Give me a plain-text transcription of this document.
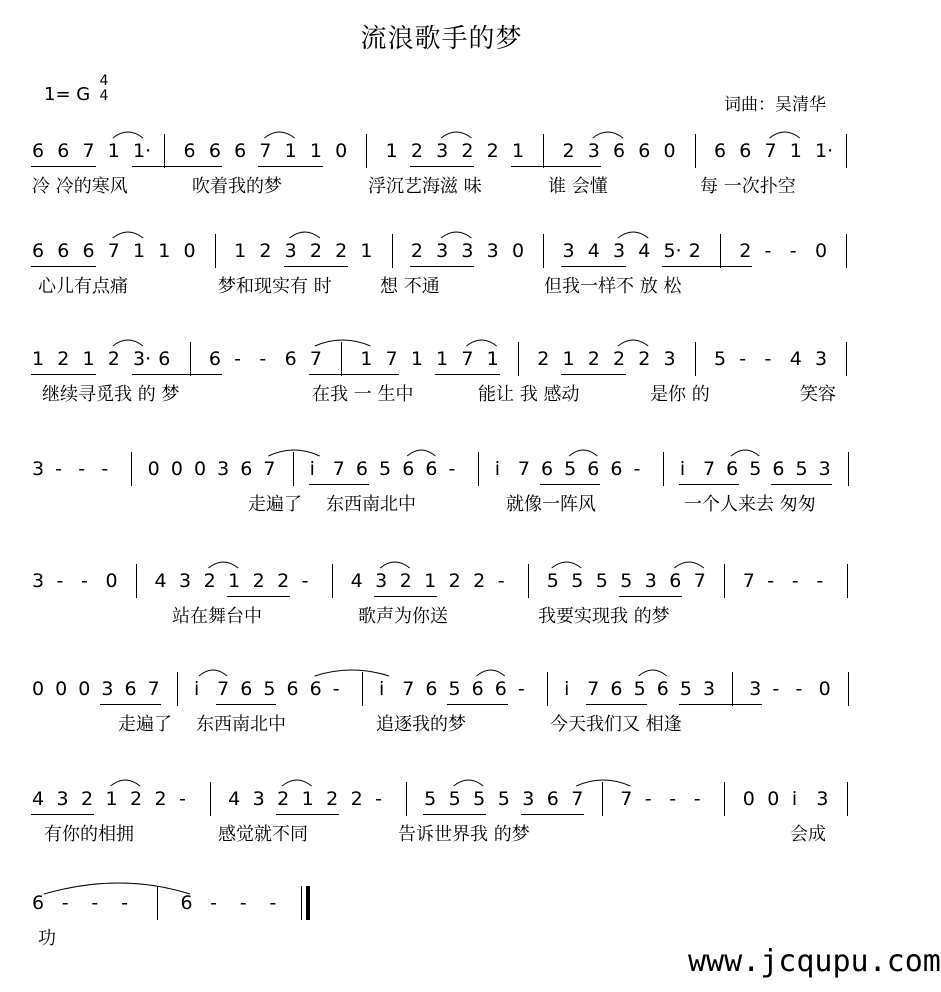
流浪歌手的梦
1= G
4
4	词曲：吴清华
6 6 7 1 1· 6 6 6 7 1 1 0 1 2 3 2 2 1 2 3 6 6 0 6 6 7 1 1·
冷 冷的寒风	吹着我的梦	浮沉艺海滋 味	谁 会懂	每 一次扑空
6 6 6 7 1 1 0 1 2 3 2 2 1 2 3 3 3 0 3 4 3 4 5· 2 2 - - 0
心儿有点痛	梦和现实有 时	想 不通	但我一样不 放 松
1 2 1 2 3· 6 6 - - 6 7 1 7 1 1 7 1 2 1 2 2 2 3 5 - - 4 3
继续寻觅我 的 梦	在我 一 生中	能让 我 感动	是你 的	笑容
3 - - - 0 0 0 3 6 7 i 7 6 5 6 6 - i 7 6 5 6 6 - i 7 6 5 6 5 3
走遍了 东西南北中	就像一阵风	一个人来去 匆匆
3 - - 0 4 3 2 1 2 2 - 4 3 2 1 2 2 - 5 5 5 5 3 6 7 7 - - -
站在舞台中	歌声为你送	我要实现我 的梦
0 0 0 3 6 7 i 7 6 5 6 6 - i 7 6 5 6 6 - i 7 6 5 6 5 3 3 - - 0
走遍了 东西南北中	追逐我的梦	今天我们又 相逢
4 3 2 1 2 2 - 4 3 2 1 2 2 - 5 5 5 5 3 6 7 7 - - - 0 0 i 3
有你的相拥	感觉就不同	告诉世界我 的梦	会成
6 - - -	6 - - -
功
www.jcqupu.com
